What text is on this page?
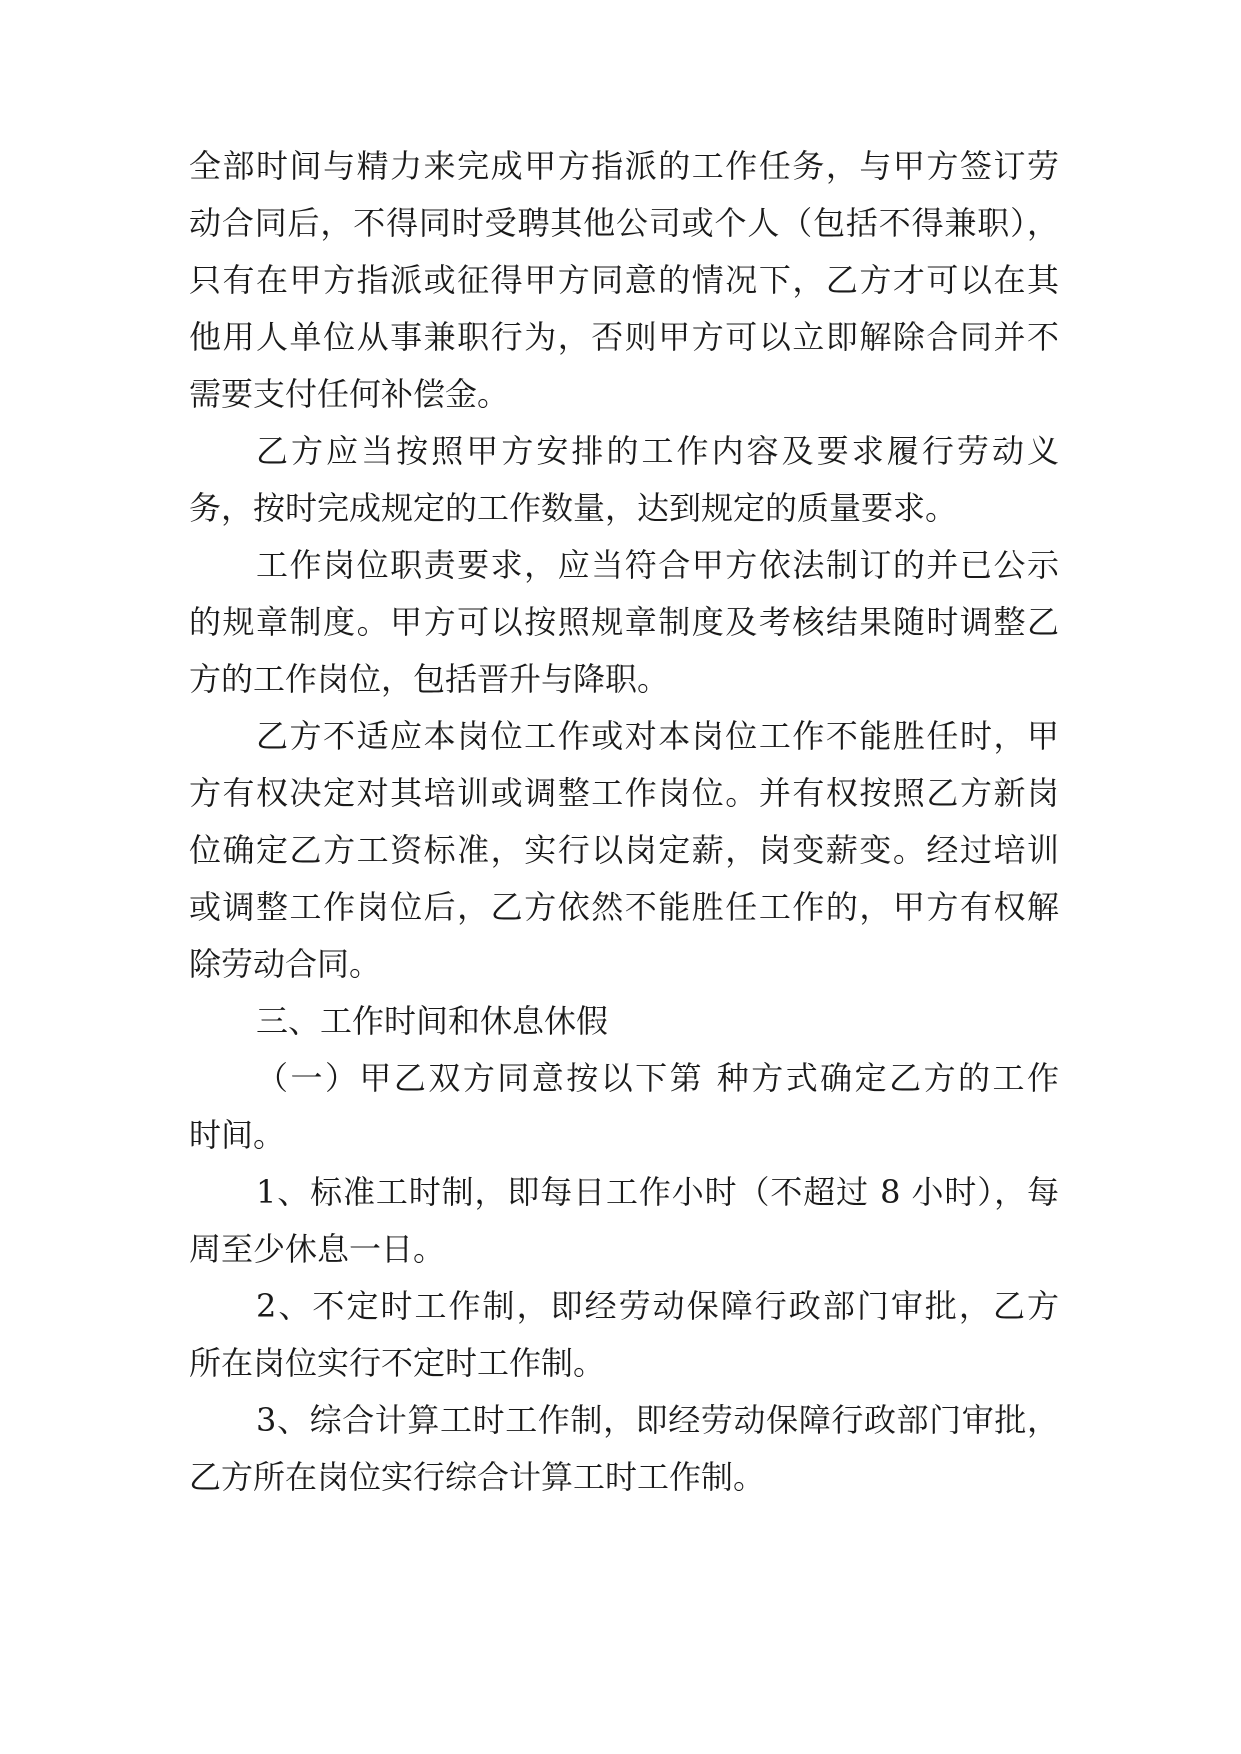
全部时间与精力来完成甲方指派的工作任务，与甲方签订劳
动合同后，不得同时受聘其他公司或个人（包括不得兼职），
只有在甲方指派或征得甲方同意的情况下，乙方才可以在其
他用人单位从事兼职行为，否则甲方可以立即解除合同并不
需要支付任何补偿金。
乙方应当按照甲方安排的工作内容及要求履行劳动义
务，按时完成规定的工作数量，达到规定的质量要求。
工作岗位职责要求，应当符合甲方依法制订的并已公示
的规章制度。甲方可以按照规章制度及考核结果随时调整乙
方的工作岗位，包括晋升与降职。
乙方不适应本岗位工作或对本岗位工作不能胜任时，甲
方有权决定对其培训或调整工作岗位。并有权按照乙方新岗
位确定乙方工资标准，实行以岗定薪，岗变薪变。经过培训
或调整工作岗位后，乙方依然不能胜任工作的，甲方有权解
除劳动合同。
三、工作时间和休息休假
（一）甲乙双方同意按以下第 种方式确定乙方的工作
时间。
1、标准工时制，即每日工作小时（不超过 8 小时），每
周至少休息一日。
2、不定时工作制，即经劳动保障行政部门审批，乙方
所在岗位实行不定时工作制。
3、综合计算工时工作制，即经劳动保障行政部门审批，
乙方所在岗位实行综合计算工时工作制。
